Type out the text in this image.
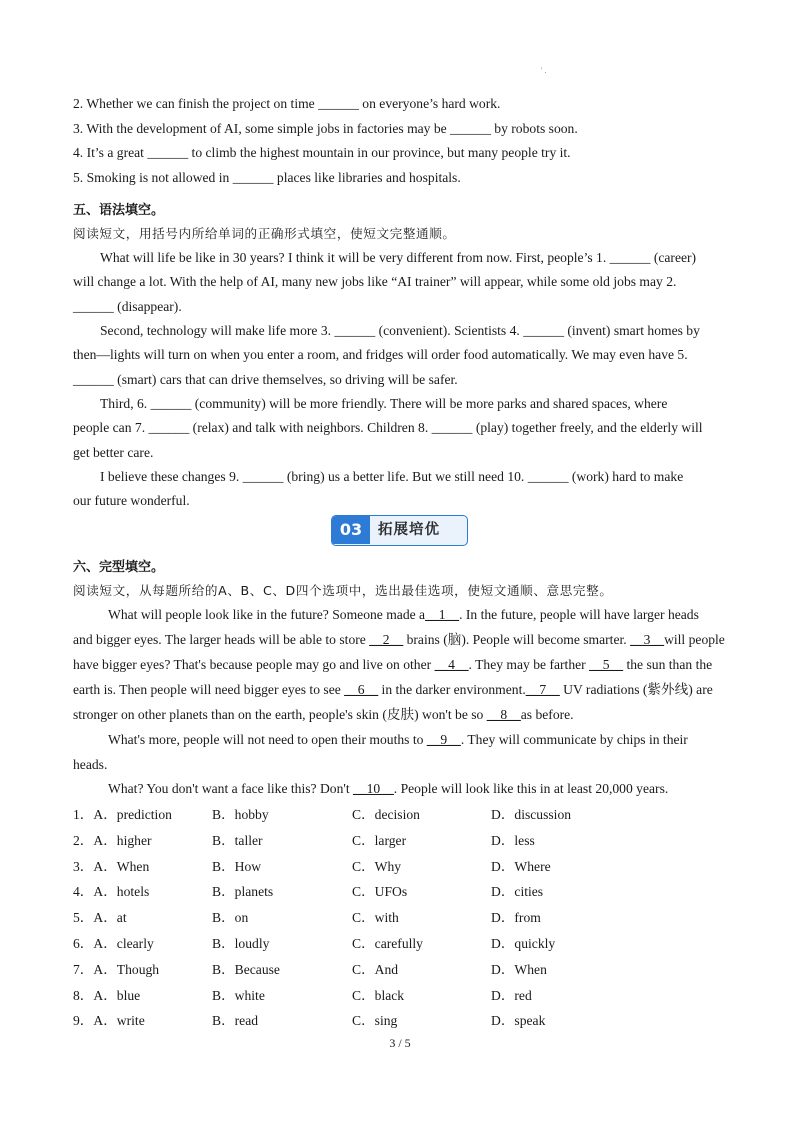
' .
2. Whether we can finish the project on time ______ on everyone’s hard work.
3. With the development of AI, some simple jobs in factories may be ______ by robots soon.
4. It’s a great ______ to climb the highest mountain in our province, but many people try it.
5. Smoking is not allowed in ______ places like libraries and hospitals.
五、语法填空。
阅读短文，用括号内所给单词的正确形式填空，使短文完整通顺。
What will life be like in 30 years? I think it will be very different from now. First, people’s 1. ______ (career)
will change a lot. With the help of AI, many new jobs like “AI trainer” will appear, while some old jobs may 2.
______ (disappear).
Second, technology will make life more 3. ______ (convenient). Scientists 4. ______ (invent) smart homes by
then—lights will turn on when you enter a room, and fridges will order food automatically. We may even have 5.
______ (smart) cars that can drive themselves, so driving will be safer.
Third, 6. ______ (community) will be more friendly. There will be more parks and shared spaces, where
people can 7. ______ (relax) and talk with neighbors. Children 8. ______ (play) together freely, and the elderly will
get better care.
I believe these changes 9. ______ (bring) us a better life. But we still need 10. ______ (work) hard to make
our future wonderful.
03	拓展培优
六、完型填空。
阅读短文，从每题所给的A、B、C、D四个选项中，选出最佳选项，使短文通顺、意思完整。
What will people look like in the future? Someone made a__1__. In the future, people will have larger heads
and bigger eyes. The larger heads will be able to store __2__ brains (脑). People will become smarter. __3__will people
have bigger eyes? That's because people may go and live on other __4__. They may be farther __5__ the sun than the
earth is. Then people will need bigger eyes to see __6__ in the darker environment.__7__ UV radiations (紫外线) are
stronger on other planets than on the earth, people's skin (皮肤) won't be so __8__as before.
What's more, people will not need to open their mouths to __9__. They will communicate by chips in their
heads.
What? You don't want a face like this? Don't __10__. People will look like this in at least 20,000 years.
1．A．prediction	B．hobby	C．decision	D．discussion
2．A．higher	B．taller	C．larger	D．less
3．A．When	B．How	C．Why	D．Where
4．A．hotels	B．planets	C．UFOs	D．cities
5．A．at	B．on	C．with	D．from
6．A．clearly	B．loudly	C．carefully	D．quickly
7．A．Though	B．Because	C．And	D．When
8．A．blue	B．white	C．black	D．red
9．A．write	B．read	C．sing	D．speak
3 / 5
